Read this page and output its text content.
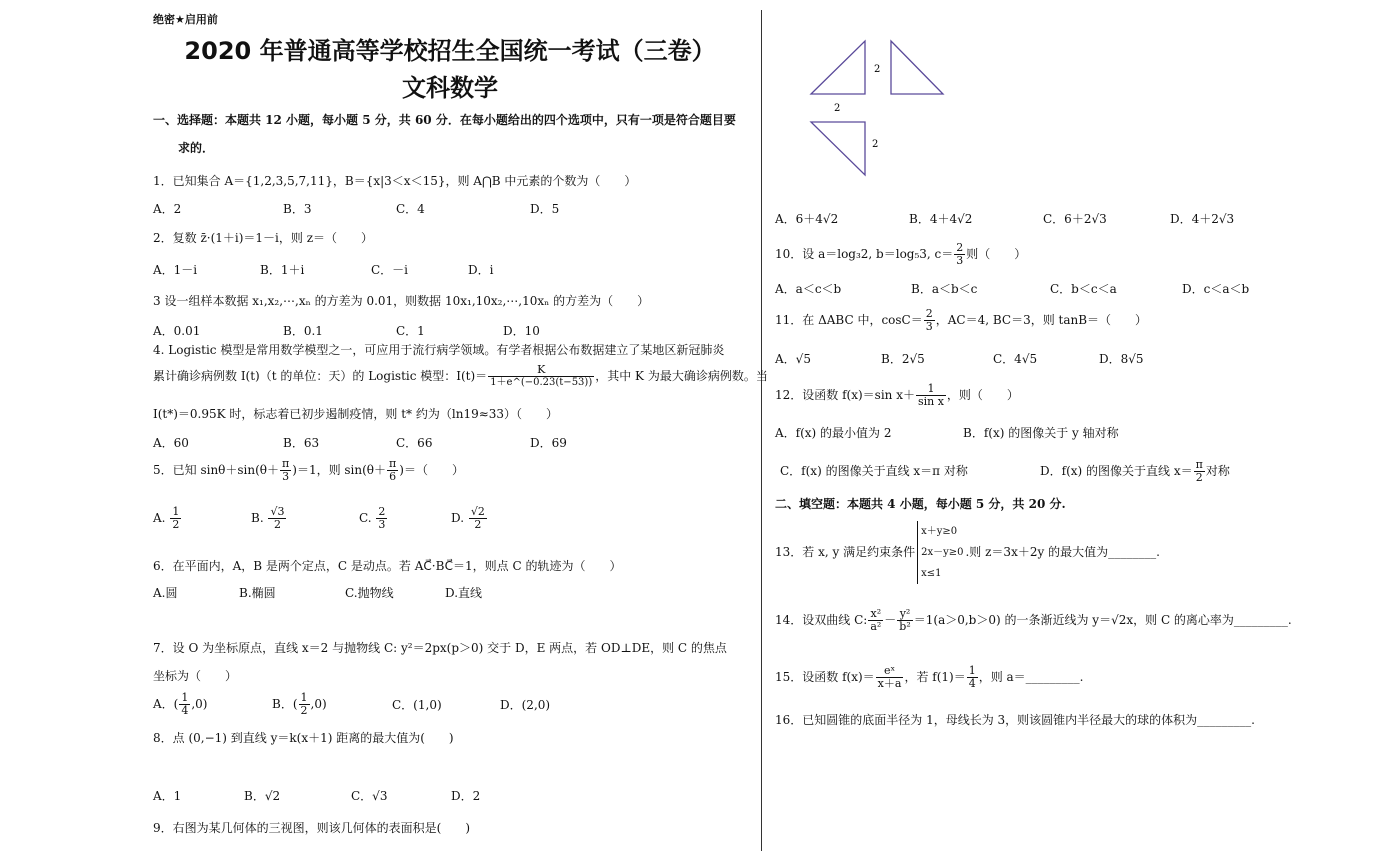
绝密★启用前
2020 年普通高等学校招生全国统一考试（三卷）
文科数学
一、选择题：本题共 12 小题，每小题 5 分，共 60 分．在每小题给出的四个选项中，只有一项是符合题目要
求的．
1．已知集合 A＝{1,2,3,5,7,11}，B＝{x|3＜x＜15}，则 A⋂B 中元素的个数为（　　）
A．2	B．3	C．4	D．5
2．复数 z̄·(1＋i)＝1－i，则 z＝（　　）
A．1－i	B．1＋i	C．－i	D．i
3 设一组样本数据 x₁,x₂,⋯,xₙ 的方差为 0.01，则数据 10x₁,10x₂,⋯,10xₙ 的方差为（　　）
A．0.01	B．0.1	C．1	D．10
4. Logistic 模型是常用数学模型之一，可应用于流行病学领域。有学者根据公布数据建立了某地区新冠肺炎
累计确诊病例数 I(t)（t 的单位：天）的 Logistic 模型：$I(t)= \frac{K}{1+e\^{}(-0.23(t-53))}$ ，其中 K 为最大确诊病例数。当
I(t*)＝0.95K 时，标志着已初步遏制疫情，则 t* 约为（ln19≈33）（　　）
A．60	B．63	C．66	D．69
5．已知 $\sin\theta+\sin(\theta+ \frac{\pi}{3} )=1$，则 $\sin(\theta+ \frac{\pi}{6}$ )＝（　　）
A. $\frac{1}{2}$	B. $\frac{√3}{2}$	C. $\frac{2}{3}$	D. $\frac{√2}{2}$
6．在平面内，A，B 是两个定点，C 是动点。若 AC⃗·BC⃗＝1，则点 C 的轨迹为（　　）
A.圆	B.椭圆	C.抛物线	D.直线
7．设 O 为坐标原点，直线 x＝2 与抛物线 C: y²＝2px(p＞0) 交于 D，E 两点，若 OD⊥DE，则 C 的焦点
坐标为（　　）
A．( $\frac{1}{4} ,0$)	B．( $\frac{1}{2} ,0$)	C．(1,0)	D．(2,0)
8．点 (0,−1) 到直线 y＝k(x＋1) 距离的最大值为(　　)
A．1	B．√2	C．√3	D．2
9．右图为某几何体的三视图，则该几何体的表面积是(　　)
2
2
2
A．6＋4√2	B．4＋4√2	C．6＋2√3	D．4＋2√3
10．设 a＝log₃2, b＝log₅3, $c= \frac{2}{3}$ 则（　　）
A．a＜c＜b	B．a＜b＜c	C．b＜c＜a	D．c＜a＜b
11．在 ΔABC 中，$\cos C= \frac{2}{3}$ ，AC＝4, BC＝3，则 tanB＝（　　）
A．√5	B．2√5	C．4√5	D．8√5
12．设函数 f(x)＝sin $x+ \frac{1}{\text{sin x}}$ ，则（　　）
A．f(x) 的最小值为 2	B．f(x) 的图像关于 y 轴对称
C．f(x) 的图像关于直线 x＝π 对称	D．f(x) 的图像关于直线 $x= \frac{\pi}{2}$ 对称
二、填空题：本题共 4 小题，每小题 5 分，共 20 分.
13．若 x, y 满足约束条件
x＋y≥0
2x－y≥0
x≤1
.则 z＝3x＋2y 的最大值为________.
14．设双曲线 C: $\frac{\text{x²}}{\text{a²}} - \frac{\text{y²}}{\text{b²}} =1(a>0,b>0)$ 的一条渐近线为 y＝√2x，则 C 的离心率为_________.
15．设函数 $f(x)= \frac{\text{eˣ}}{x+a}$ ，若 $f(1)= \frac{1}{4}$ ，则 a＝_________.
16．已知圆锥的底面半径为 1，母线长为 3，则该圆锥内半径最大的球的体积为_________.
